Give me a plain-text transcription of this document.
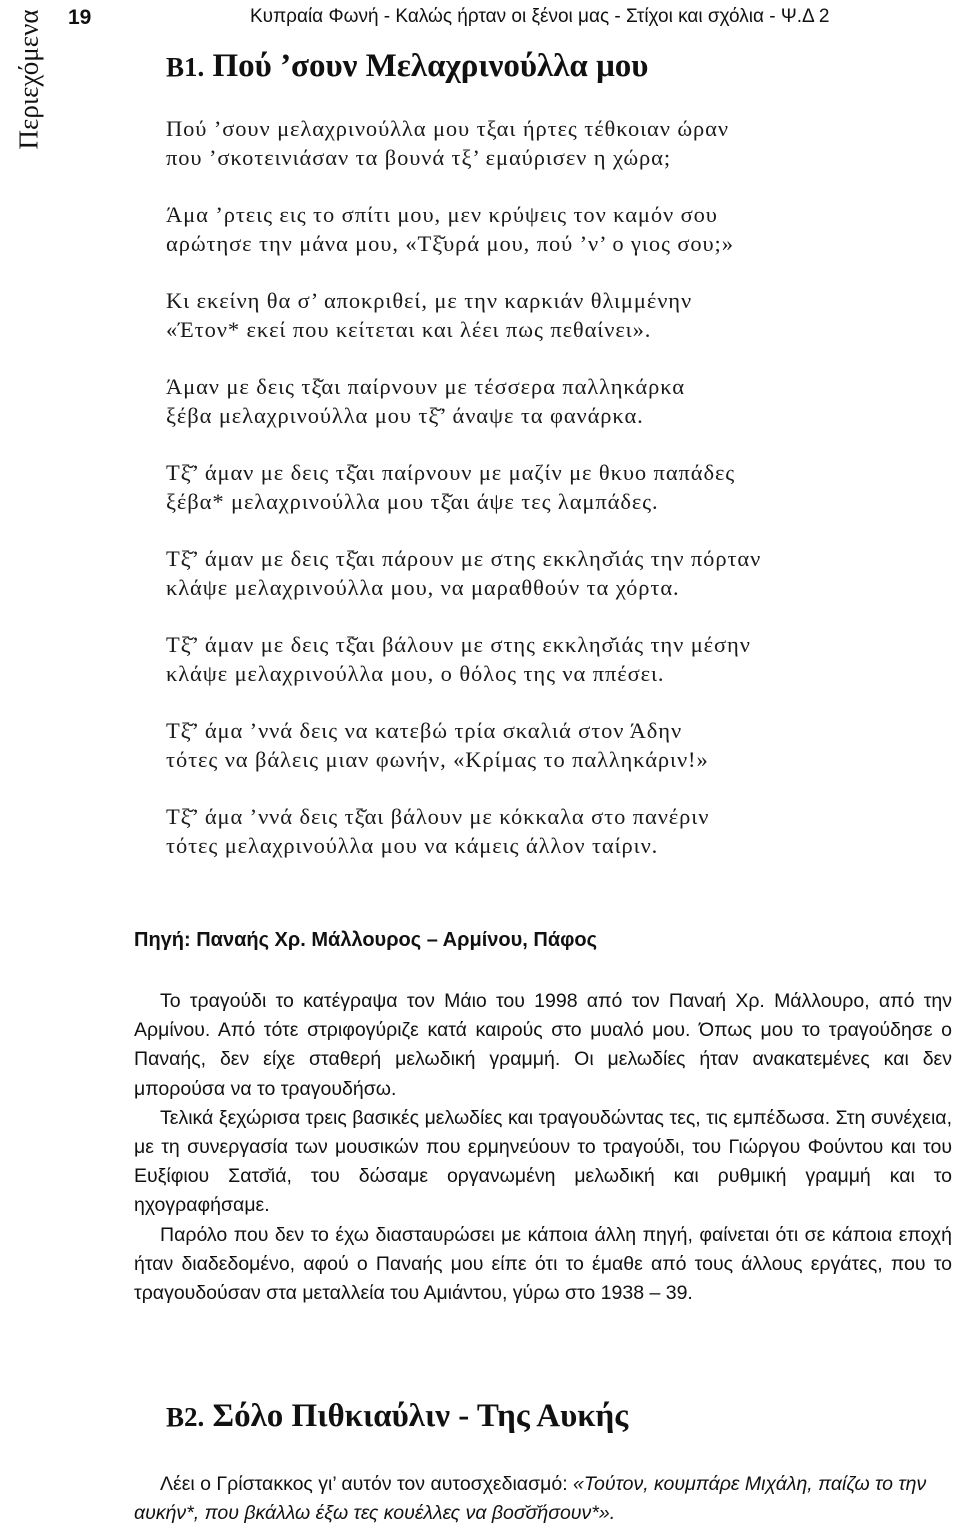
Περιεχόμενα 19	Κυπραία Φωνή - Καλώς ήρταν οι ξένοι μας - Στίχοι και σχόλια - Ψ.Δ 2
Β1. Πού ’σουν Μελαχρινούλλα μου
Πού ’σουν μελαχρινούλλα μου τξαι ήρτες τέθκοιαν ώραν
που ’σκοτεινιάσαν τα βουνά τξ’ εμαύρισεν η χώρα;
Άμα ’ρτεις εις το σπίτι μου, μεν κρύψεις τον καμόν σου
αρώτησε την μάνα μου, «Τξ̆υρά μου, πού ’ν’ ο γιος σου;»
Κι εκείνη θα σ’ αποκριθεί, με την καρκιάν θλιμμένην
«Έτον* εκεί που κείτεται και λέει πως πεθαίνει».
Άμαν με δεις τξ̆αι παίρνουν με τέσσερα παλληκάρκα
ξέβα μελαχρινούλλα μου τξ̆’ άναψε τα φανάρκα.
Τξ̆’ άμαν με δεις τξ̆αι παίρνουν με μαζίν με θκυο παπάδες
ξέβα* μελαχρινούλλα μου τξ̆αι άψε τες λαμπάδες.
Τξ̆’ άμαν με δεις τξ̆αι πάρουν με στης εκκλησ̆ιάς την πόρταν
κλάψε μελαχρινούλλα μου, να μαραθθούν τα χόρτα.
Τξ̆’ άμαν με δεις τξ̆αι βάλουν με στης εκκλησ̆ιάς την μέσην
κλάψε μελαχρινούλλα μου, ο θόλος της να ππέσει.
Τξ̆’ άμα ’ννά δεις να κατεβώ τρία σκαλιά στον Άδην
τότες να βάλεις μιαν φωνήν, «Κρίμας το παλληκάριν!»
Τξ̆’ άμα ’ννά δεις τξ̆αι βάλουν με κόκκαλα στο πανέριν
τότες μελαχρινούλλα μου να κάμεις άλλον ταίριν.
Πηγή: Παναής Χρ. Μάλλουρος – Αρμίνου, Πάφος

Το τραγούδι το κατέγραψα τον Μάιο του 1998 από τον Παναή Χρ. Μάλλουρο, από την Αρμίνου. Από τότε στριφογύριζε κατά καιρούς στο μυαλό μου. Όπως μου το τραγούδησε ο Παναής, δεν είχε σταθερή μελωδική γραμμή. Οι μελωδίες ήταν ανακατεμένες και δεν μπορούσα να το τραγουδήσω.

Τελικά ξεχώρισα τρεις βασικές μελωδίες και τραγουδώντας τες, τις εμπέδωσα. Στη συνέχεια, με τη συνεργασία των μουσικών που ερμηνεύουν το τραγούδι, του Γιώργου Φούντου και του Ευξίφιου Σατσ̆ιά, του δώσαμε οργανωμένη μελωδική και ρυθμική γραμμή και το ηχογραφήσαμε.

Παρόλο που δεν το έχω διασταυρώσει με κάποια άλλη πηγή, φαίνεται ότι σε κάποια εποχή ήταν διαδεδομένο, αφού ο Παναής μου είπε ότι το έμαθε από τους άλλους εργάτες, που το τραγουδούσαν στα μεταλλεία του Αμιάντου, γύρω στο 1938 – 39.

Β2. Σόλο Πιθκιαύλιν - Της Αυκής

Λέει ο Γρίστακκος γι’ αυτόν τον αυτοσχεδιασμό: «Τούτον, κουμπάρε Μιχάλη, παίζω το την αυκήν*, που βκάλλω έξω τες κουέλλες να βοσ̆σ̆ήσουν*».
